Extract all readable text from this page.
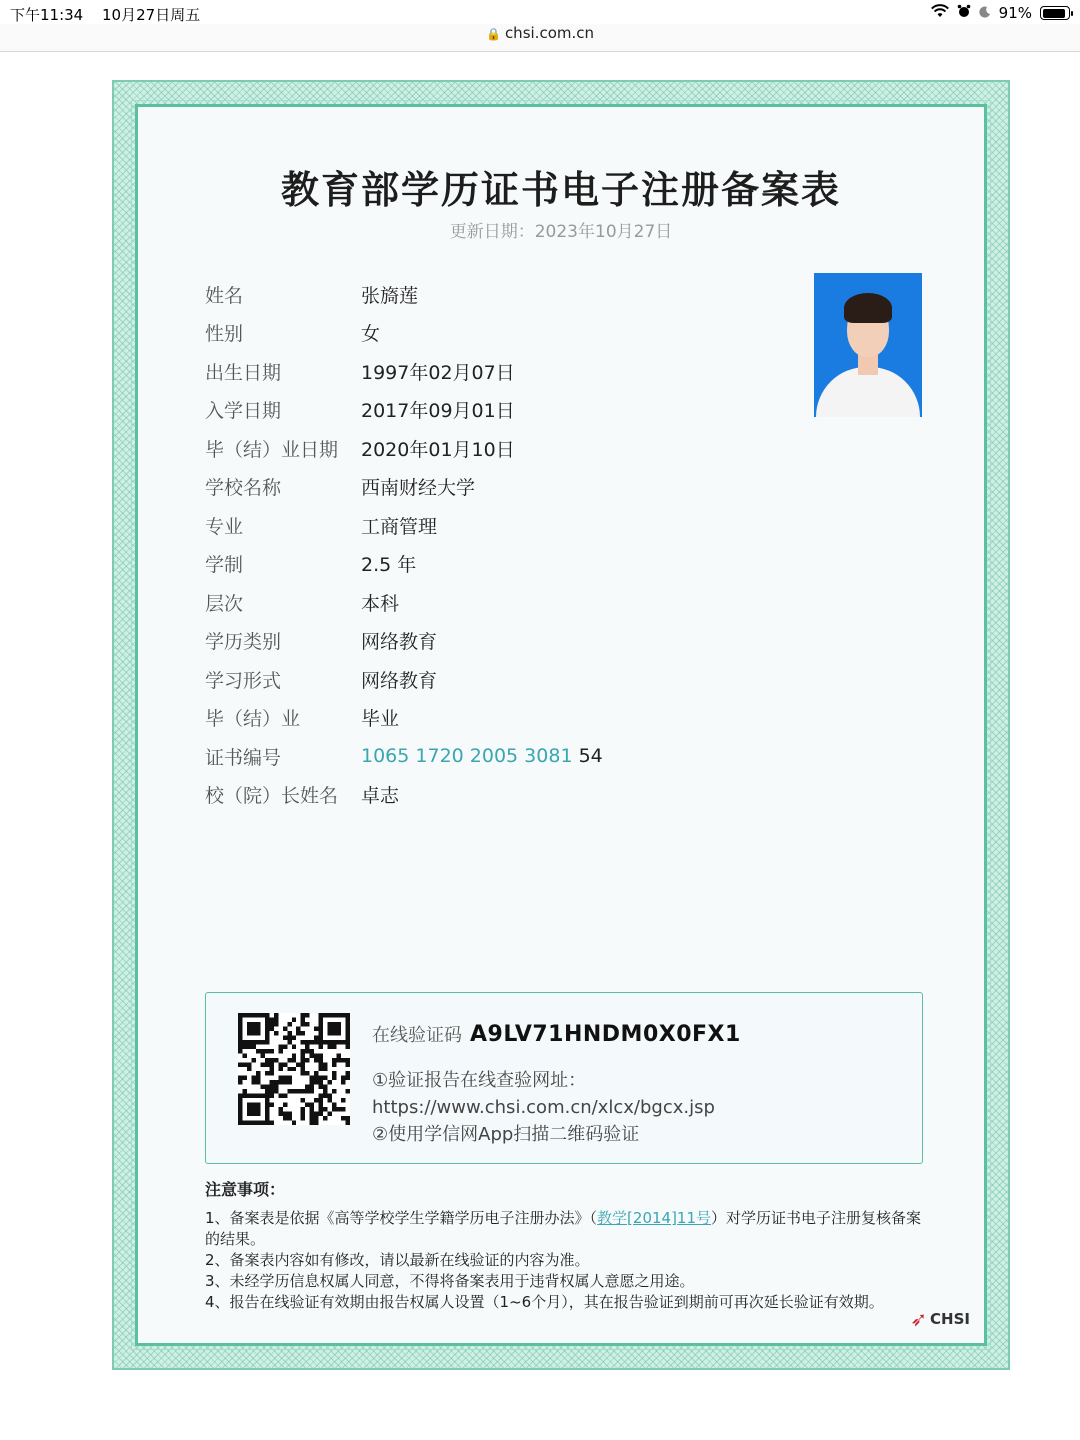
下午11:34 10月27日周五	91%
🔒 chsi.com.cn
教育部学历证书电子注册备案表
更新日期：2023年10月27日
姓名	张旖莲
性别	女
出生日期	1997年02月07日
入学日期	2017年09月01日
毕（结）业日期	2020年01月10日
学校名称	西南财经大学
专业	工商管理
学制	2.5 年
层次	本科
学历类别	网络教育
学习形式	网络教育
毕（结）业	毕业
证书编号	1065 1720 2005 3081 54
校（院）长姓名	卓志
在线验证码 A9LV71HNDM0X0FX1
①验证报告在线查验网址：
https://www.chsi.com.cn/xlcx/bgcx.jsp
②使用学信网App扫描二维码验证
注意事项：
1、备案表是依据《高等学校学生学籍学历电子注册办法》（教学[2014]11号）对学历证书电子注册复核备案的结果。
2、备案表内容如有修改，请以最新在线验证的内容为准。
3、未经学历信息权属人同意，不得将备案表用于违背权属人意愿之用途。
4、报告在线验证有效期由报告权属人设置（1~6个月），其在报告验证到期前可再次延长验证有效期。
➶ CHSI
